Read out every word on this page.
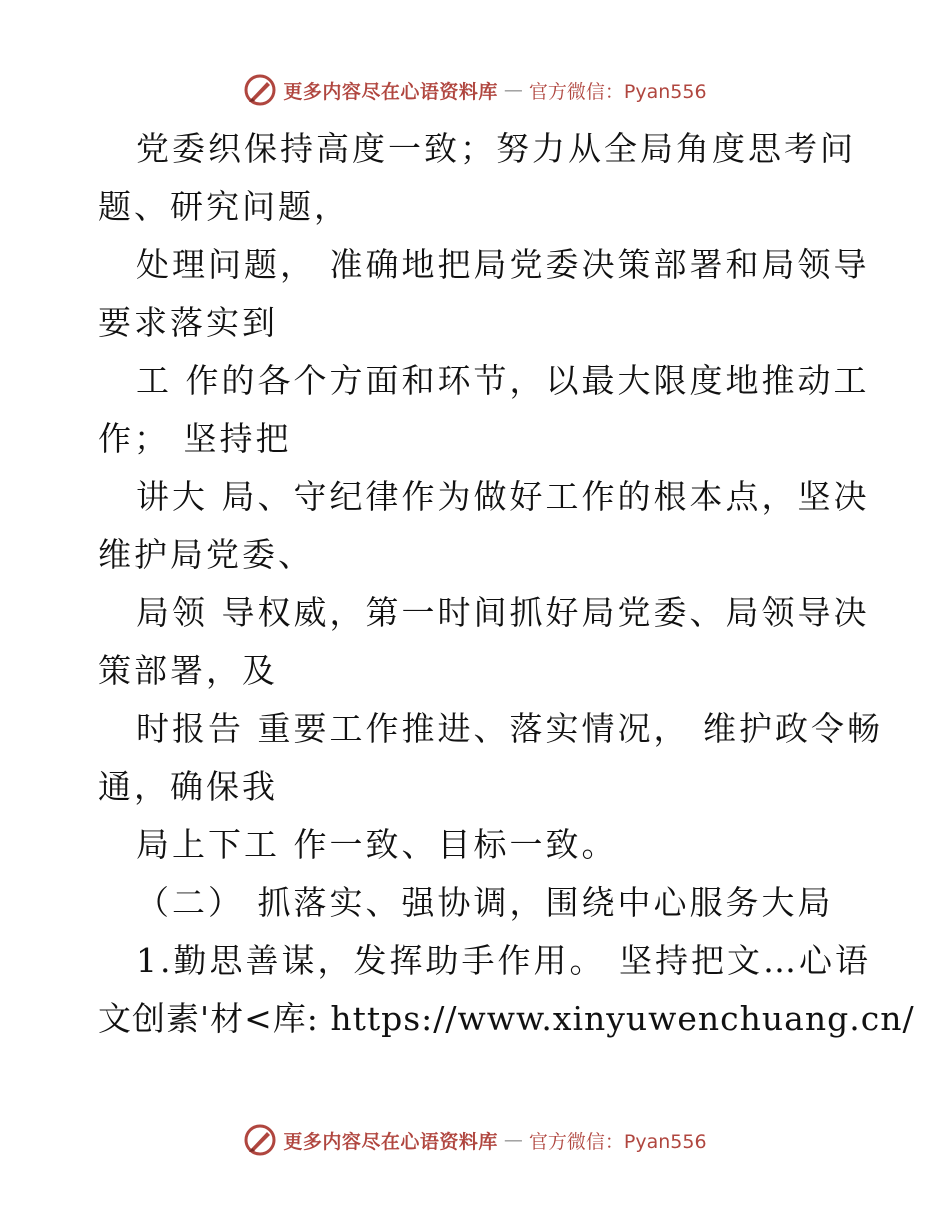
更多内容尽在心语资料库 — 官方微信：Pyan556
党委织保持高度一致；努力从全局角度思考问
题、研究问题，
处理问题， 准确地把局党委决策部署和局领导
要求落实到
工 作的各个方面和环节，以最大限度地推动工
作； 坚持把
讲大 局、守纪律作为做好工作的根本点，坚决
维护局党委、
局领 导权威，第一时间抓好局党委、局领导决
策部署，及
时报告 重要工作推进、落实情况， 维护政令畅
通，确保我
局上下工 作一致、目标一致。
（二） 抓落实、强协调，围绕中心服务大局
1.勤思善谋，发挥助手作用。 坚持把文…心语
文创素'材<库: https://www.xinyuwenchuang.cn/
更多内容尽在心语资料库 — 官方微信：Pyan556
